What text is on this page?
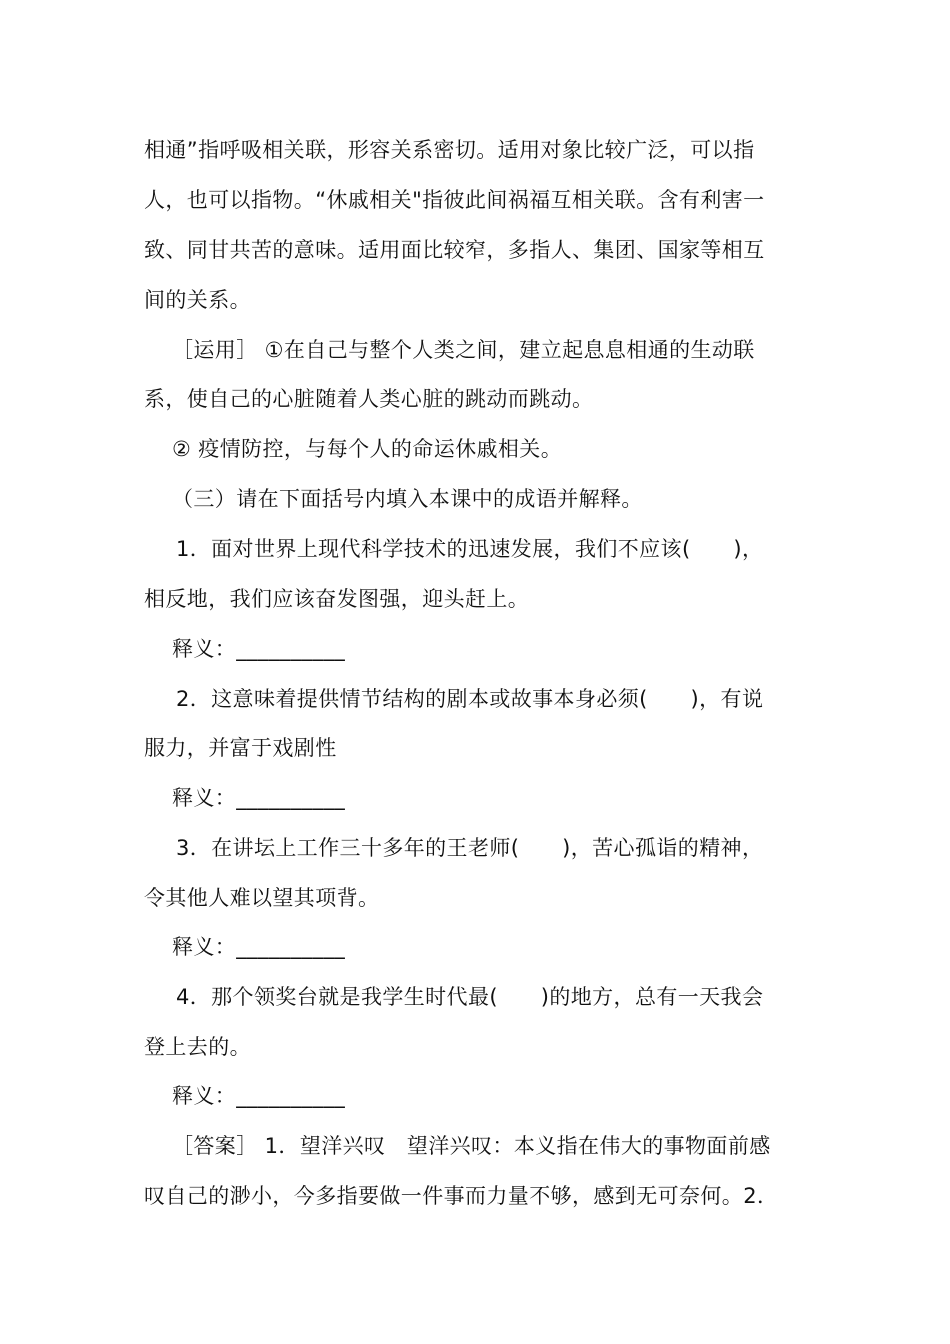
相通”指呼吸相关联，形容关系密切。适用对象比较广泛，可以指
人，也可以指物。“休戚相关"指彼此间祸福互相关联。含有利害一
致、同甘共苦的意味。适用面比较窄，多指人、集团、国家等相互
间的关系。
［运用］ ①在自己与整个人类之间，建立起息息相通的生动联
系，使自己的心脏随着人类心脏的跳动而跳动。
② 疫情防控，与每个人的命运休戚相关。
（三）请在下面括号内填入本课中的成语并解释。
1．面对世界上现代科学技术的迅速发展，我们不应该(　　)，
相反地，我们应该奋发图强，迎头赶上。
释义：__________
2．这意味着提供情节结构的剧本或故事本身必须(　　)，有说
服力，并富于戏剧性
释义：__________
3．在讲坛上工作三十多年的王老师(　　)，苦心孤诣的精神，
令其他人难以望其项背。
释义：__________
4．那个领奖台就是我学生时代最(　　)的地方，总有一天我会
登上去的。
释义：__________
［答案］ 1．望洋兴叹　望洋兴叹：本义指在伟大的事物面前感
叹自己的渺小，今多指要做一件事而力量不够，感到无可奈何。2．
